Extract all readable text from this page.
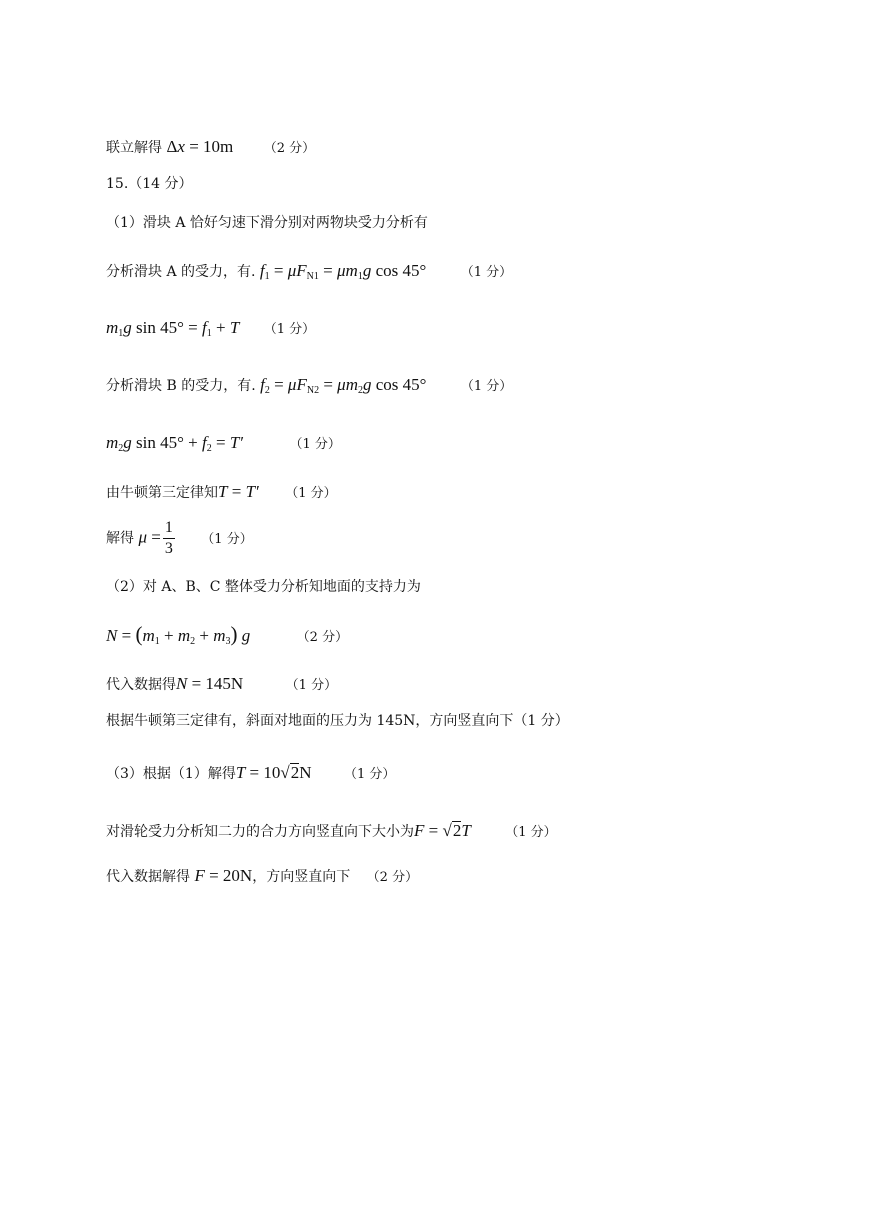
联立解得 Δx = 10m （2 分）
15.（14 分）
（1）滑块 A 恰好匀速下滑分别对两物块受力分析有
分析滑块 A 的受力，有. $f_1 = \mu F_{N1} = \mu m_1g$ cos 45°	（1 分）
$m_1g$ $\sin 45^\circ = f_1 + T$ （1 分）
分析滑块 B 的受力，有. $f_2 = \mu F_{N2} = \mu m_2g$ cos 45°	（1 分）
$m_2g$ $\sin 45^\circ + f_2 = T'$	（1 分）
由牛顿第三定律知T = T′ （1 分）
解得 $\mu = \frac{1}{3} (1$ 分）
（2）对 A、B、C 整体受力分析知地面的支持力为
$N = (m_1 + m_2 + m_3)$ g	（2 分）
代入数据得N = 145N	（1 分）
根据牛顿第三定律有，斜面对地面的压力为 145N，方向竖直向下（1 分）
（3）根据（1）解得T = 10√2N （1 分）
对滑轮受力分析知二力的合力方向竖直向下大小为F = √2T	（1 分）
代入数据解得 F = 20N，方向竖直向下 （2 分）
